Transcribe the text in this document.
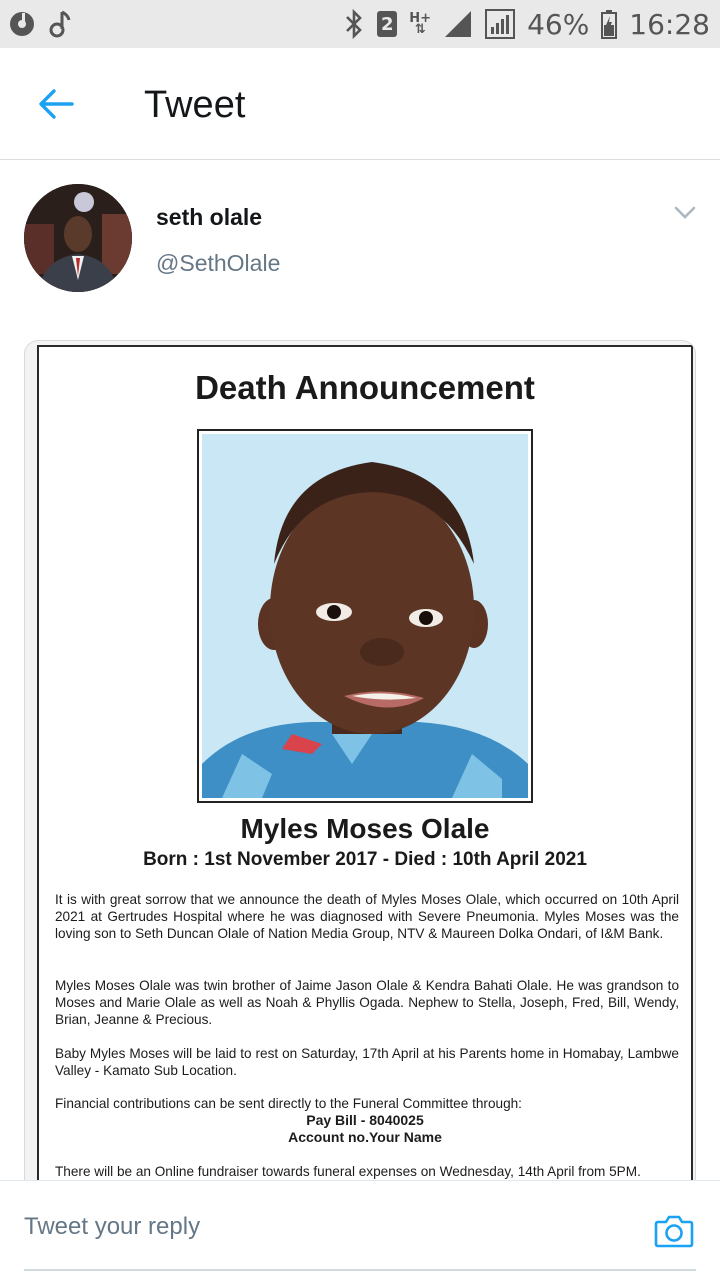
2 H+
⇅	46% 16:28
Tweet
seth olale
@SethOlale
Death Announcement
Myles Moses Olale
Born : 1st November 2017 - Died : 10th April 2021

It is with great sorrow that we announce the death of Myles Moses Olale, which occurred on 10th April 2021 at Gertrudes Hospital where he was diagnosed with Severe Pneumonia. Myles Moses was the loving son to Seth Duncan Olale of Nation Media Group, NTV & Maureen Dolka Ondari, of I&M Bank.

Myles Moses Olale was twin brother of Jaime Jason Olale & Kendra Bahati Olale. He was grandson to Moses and Marie Olale as well as Noah & Phyllis Ogada. Nephew to Stella, Joseph, Fred, Bill, Wendy, Brian, Jeanne & Precious.

Baby Myles Moses will be laid to rest on Saturday, 17th April at his Parents home in Homabay, Lambwe Valley - Kamato Sub Location.

Financial contributions can be sent directly to the Funeral Committee through:

Pay Bill - 8040025
Account no.Your Name

There will be an Online fundraiser towards funeral expenses on Wednesday, 14th April from 5PM.

Tweet your reply
